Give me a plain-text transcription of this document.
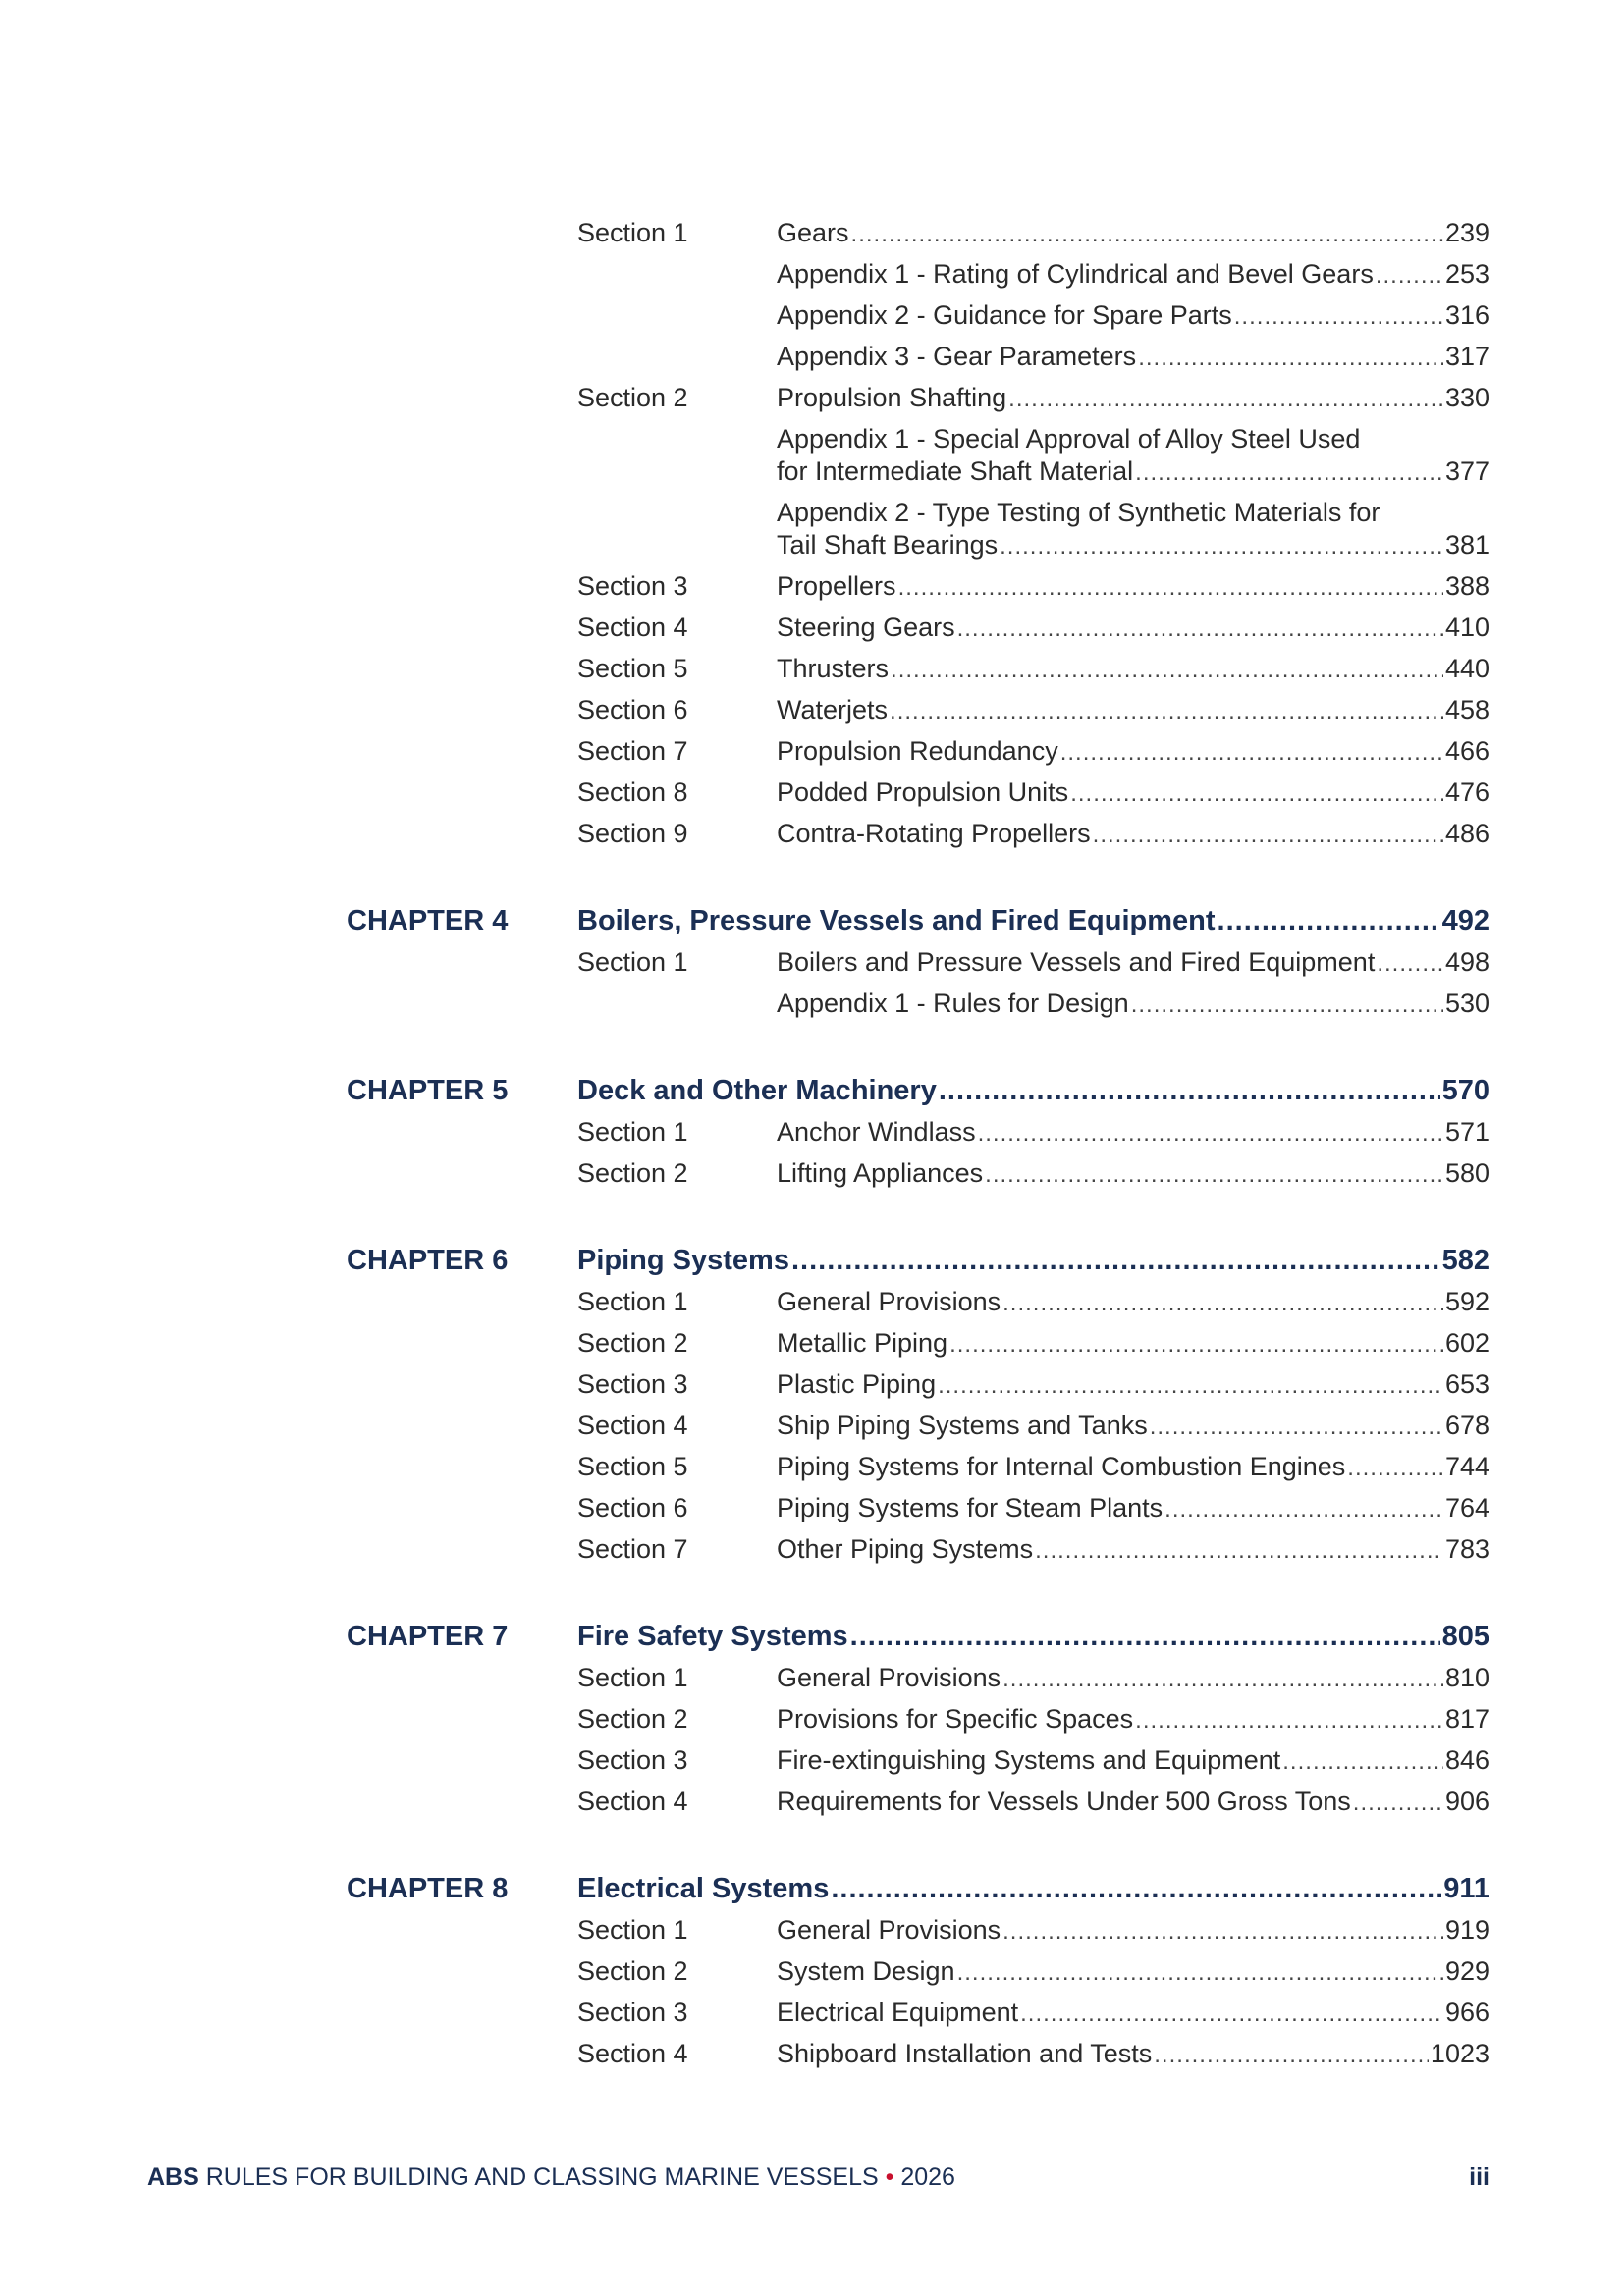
Section 1	Gears .....	239
Appendix 1 - Rating of Cylindrical and Bevel Gears .....	253
Appendix 2 - Guidance for Spare Parts .....	316
Appendix 3 - Gear Parameters .....	317
Section 2	Propulsion Shafting .....	330
Appendix 1 - Special Approval of Alloy Steel Used
for Intermediate Shaft Material .....	377
Appendix 2 - Type Testing of Synthetic Materials for
Tail Shaft Bearings .....	381
Section 3	Propellers .....	388
Section 4	Steering Gears .....	410
Section 5	Thrusters .....	440
Section 6	Waterjets .....	458
Section 7	Propulsion Redundancy .....	466
Section 8	Podded Propulsion Units .....	476
Section 9	Contra-Rotating Propellers .....	486
CHAPTER 4 Boilers, Pressure Vessels and Fired Equipment .....	492
Section 1	Boilers and Pressure Vessels and Fired Equipment .....	498
Appendix 1 - Rules for Design .....	530
CHAPTER 5 Deck and Other Machinery .....	570
Section 1	Anchor Windlass .....	571
Section 2	Lifting Appliances .....	580
CHAPTER 6 Piping Systems .....	582
Section 1	General Provisions .....	592
Section 2	Metallic Piping .....	602
Section 3	Plastic Piping .....	653
Section 4	Ship Piping Systems and Tanks .....	678
Section 5	Piping Systems for Internal Combustion Engines .....	744
Section 6	Piping Systems for Steam Plants .....	764
Section 7	Other Piping Systems .....	783
CHAPTER 7 Fire Safety Systems .....	805
Section 1	General Provisions .....	810
Section 2	Provisions for Specific Spaces .....	817
Section 3	Fire-extinguishing Systems and Equipment .....	846
Section 4	Requirements for Vessels Under 500 Gross Tons .....	906
CHAPTER 8 Electrical Systems .....	911
Section 1	General Provisions .....	919
Section 2	System Design .....	929
Section 3	Electrical Equipment .....	966
Section 4	Shipboard Installation and Tests .....	1023
ABS RULES FOR BUILDING AND CLASSING MARINE VESSELS • 2026	iii
